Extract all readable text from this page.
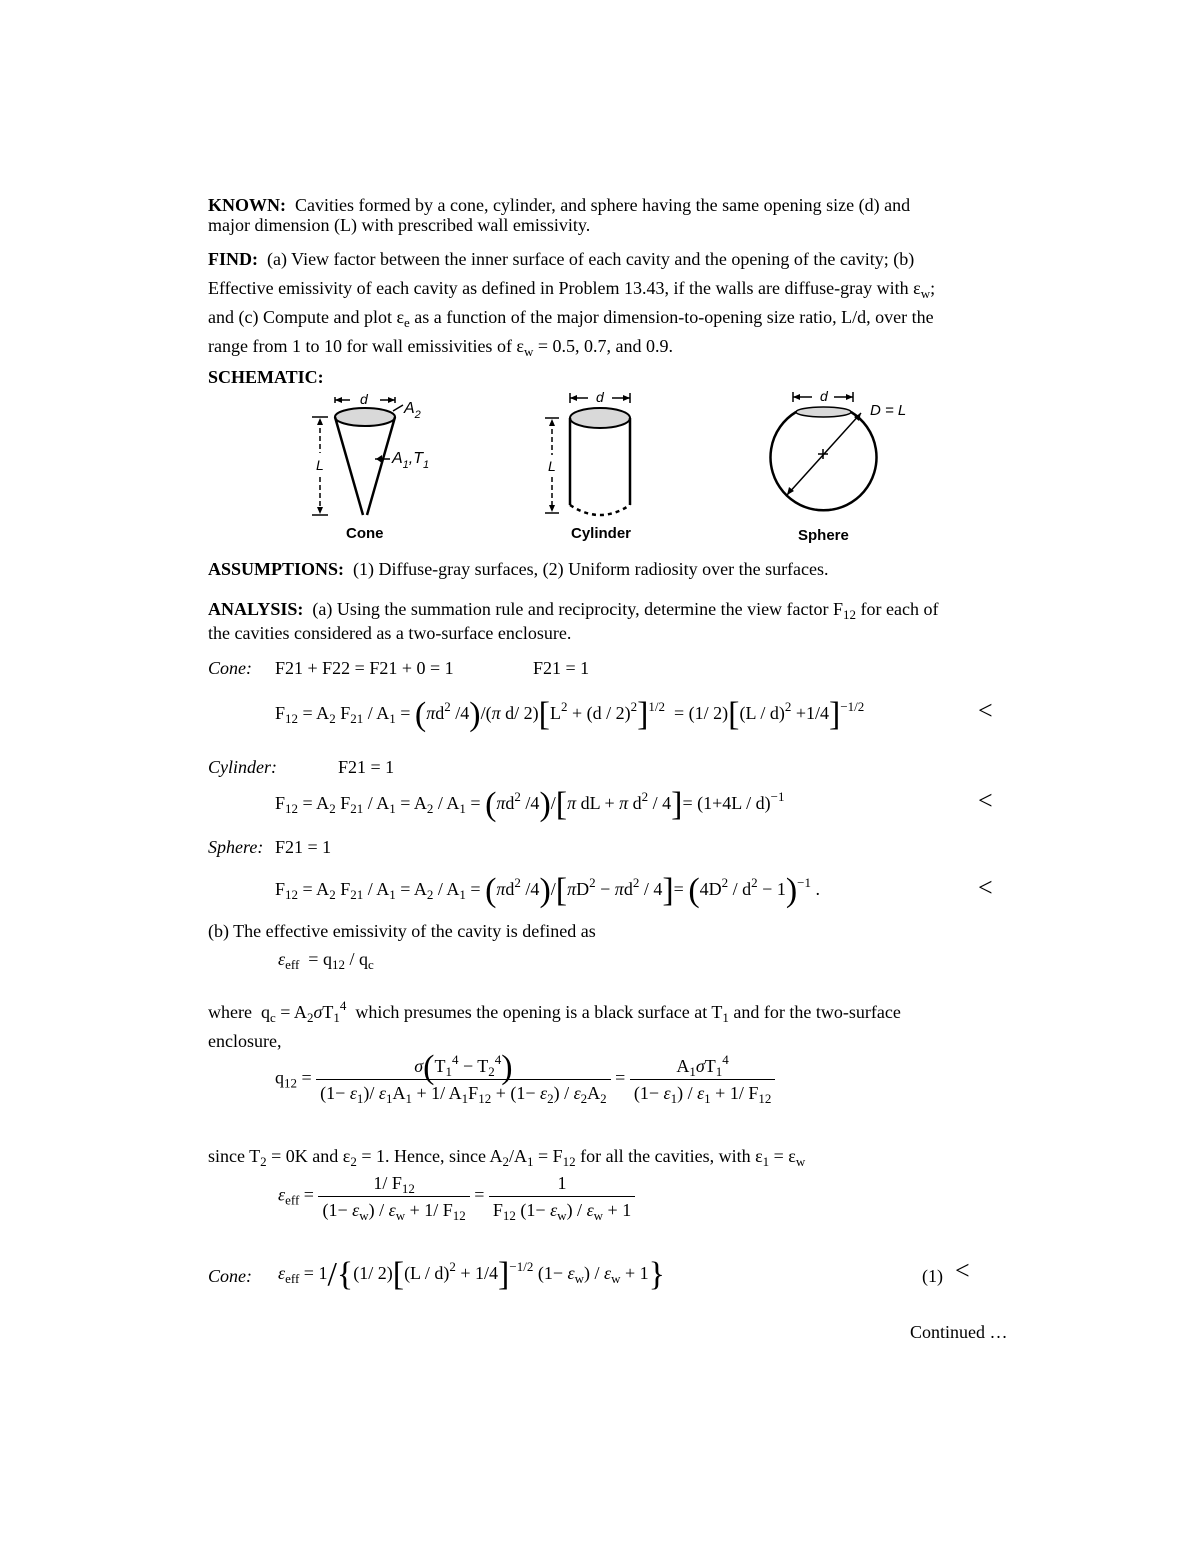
KNOWN: Cavities formed by a cone, cylinder, and sphere having the same opening size (d) and
major dimension (L) with prescribed wall emissivity.
FIND: (a) View factor between the inner surface of each cavity and the opening of the cavity; (b)
Effective emissivity of each cavity as defined in Problem 13.43, if the walls are diffuse-gray with $\varepsilon_w$;
and (c) Compute and plot $\varepsilon_e$ as a function of the major dimension-to-opening size ratio, L/d, over the
range from 1 to 10 for wall emissivities of $\varepsilon_w = 0.5$, 0.7, and 0.9.
SCHEMATIC:
d
L
$A_2$
$A_1,T_1$
Cone
d
L
Cylinder
d
D = L
Sphere
ASSUMPTIONS: (1) Diffuse-gray surfaces, (2) Uniform radiosity over the surfaces.
ANALYSIS: (a) Using the summation rule and reciprocity, determine the view factor $F_{12}$ for each of
the cavities considered as a two-surface enclosure.
Cone: F21 + F22 = F21 + 0 = 1	F21 = 1
$F_{12} = A_2$ $F_{21} / A_1 = (\pi d^2$ /4)/(π d/ $2)[L^2 + (d / 2)^2]^{1/2} = (1/$ $2)[(L / d)^2 +1/4]^{-1/2}$	<
Cylinder:	F21 = 1
$F_{12} = A_2$ $F_{21} / A_1 = A_2 / A_1 = (\pi d^2$ /4)/[π dL + π $d^2 / 4]= (1+4L / d)^{-1}$	<
Sphere: F21 = 1
$F_{12} = A_2$ $F_{21} / A_1 = A_2 / A_1 = (\pi d^2$ $/4)/[\pi D^2 - \pi d^2 / 4]= (4D^2 / d^2 - 1)^{-1}$ .	<
(b) The effective emissivity of the cavity is defined as
$\varepsilon_{eff} = q_{12} / q_c$
where  $q_c = A_2\sigma T_1^4$ which presumes the opening is a black surface at $T_1$ and for the two-surface
enclosure,
$q_{12} = \frac{\sigma(T_1^4 - T_2^4)}{(1- \varepsilon_1)/ \varepsilon_1A_1 + 1/ A_1F_{12} + (1- \varepsilon_2) / \varepsilon_2A_2} = \frac{A_1\sigma T_1^4}{(1- \varepsilon_1) / \varepsilon_1 + 1/ F_{12}}$
since $T_2 = 0K$ and $\varepsilon_2 = 1$. Hence, since $A_2/A_1 = F_{12}$ for all the cavities, with $\varepsilon_1 = \varepsilon_w$
$\varepsilon_{eff} = \frac{1/ F_{12}}{(1- \varepsilon_w) / \varepsilon_w + 1/ F_{12}} = \frac{1}{F_{12} (1- \varepsilon_w) / \varepsilon_w + 1}$
Cone: $\varepsilon_{eff} = 1/\{(1/$ $2)[(L / d)^2 + 1/4]^{-1/2}$ $(1- \varepsilon_w) / \varepsilon_w + 1$}	(1) <
Continued …
